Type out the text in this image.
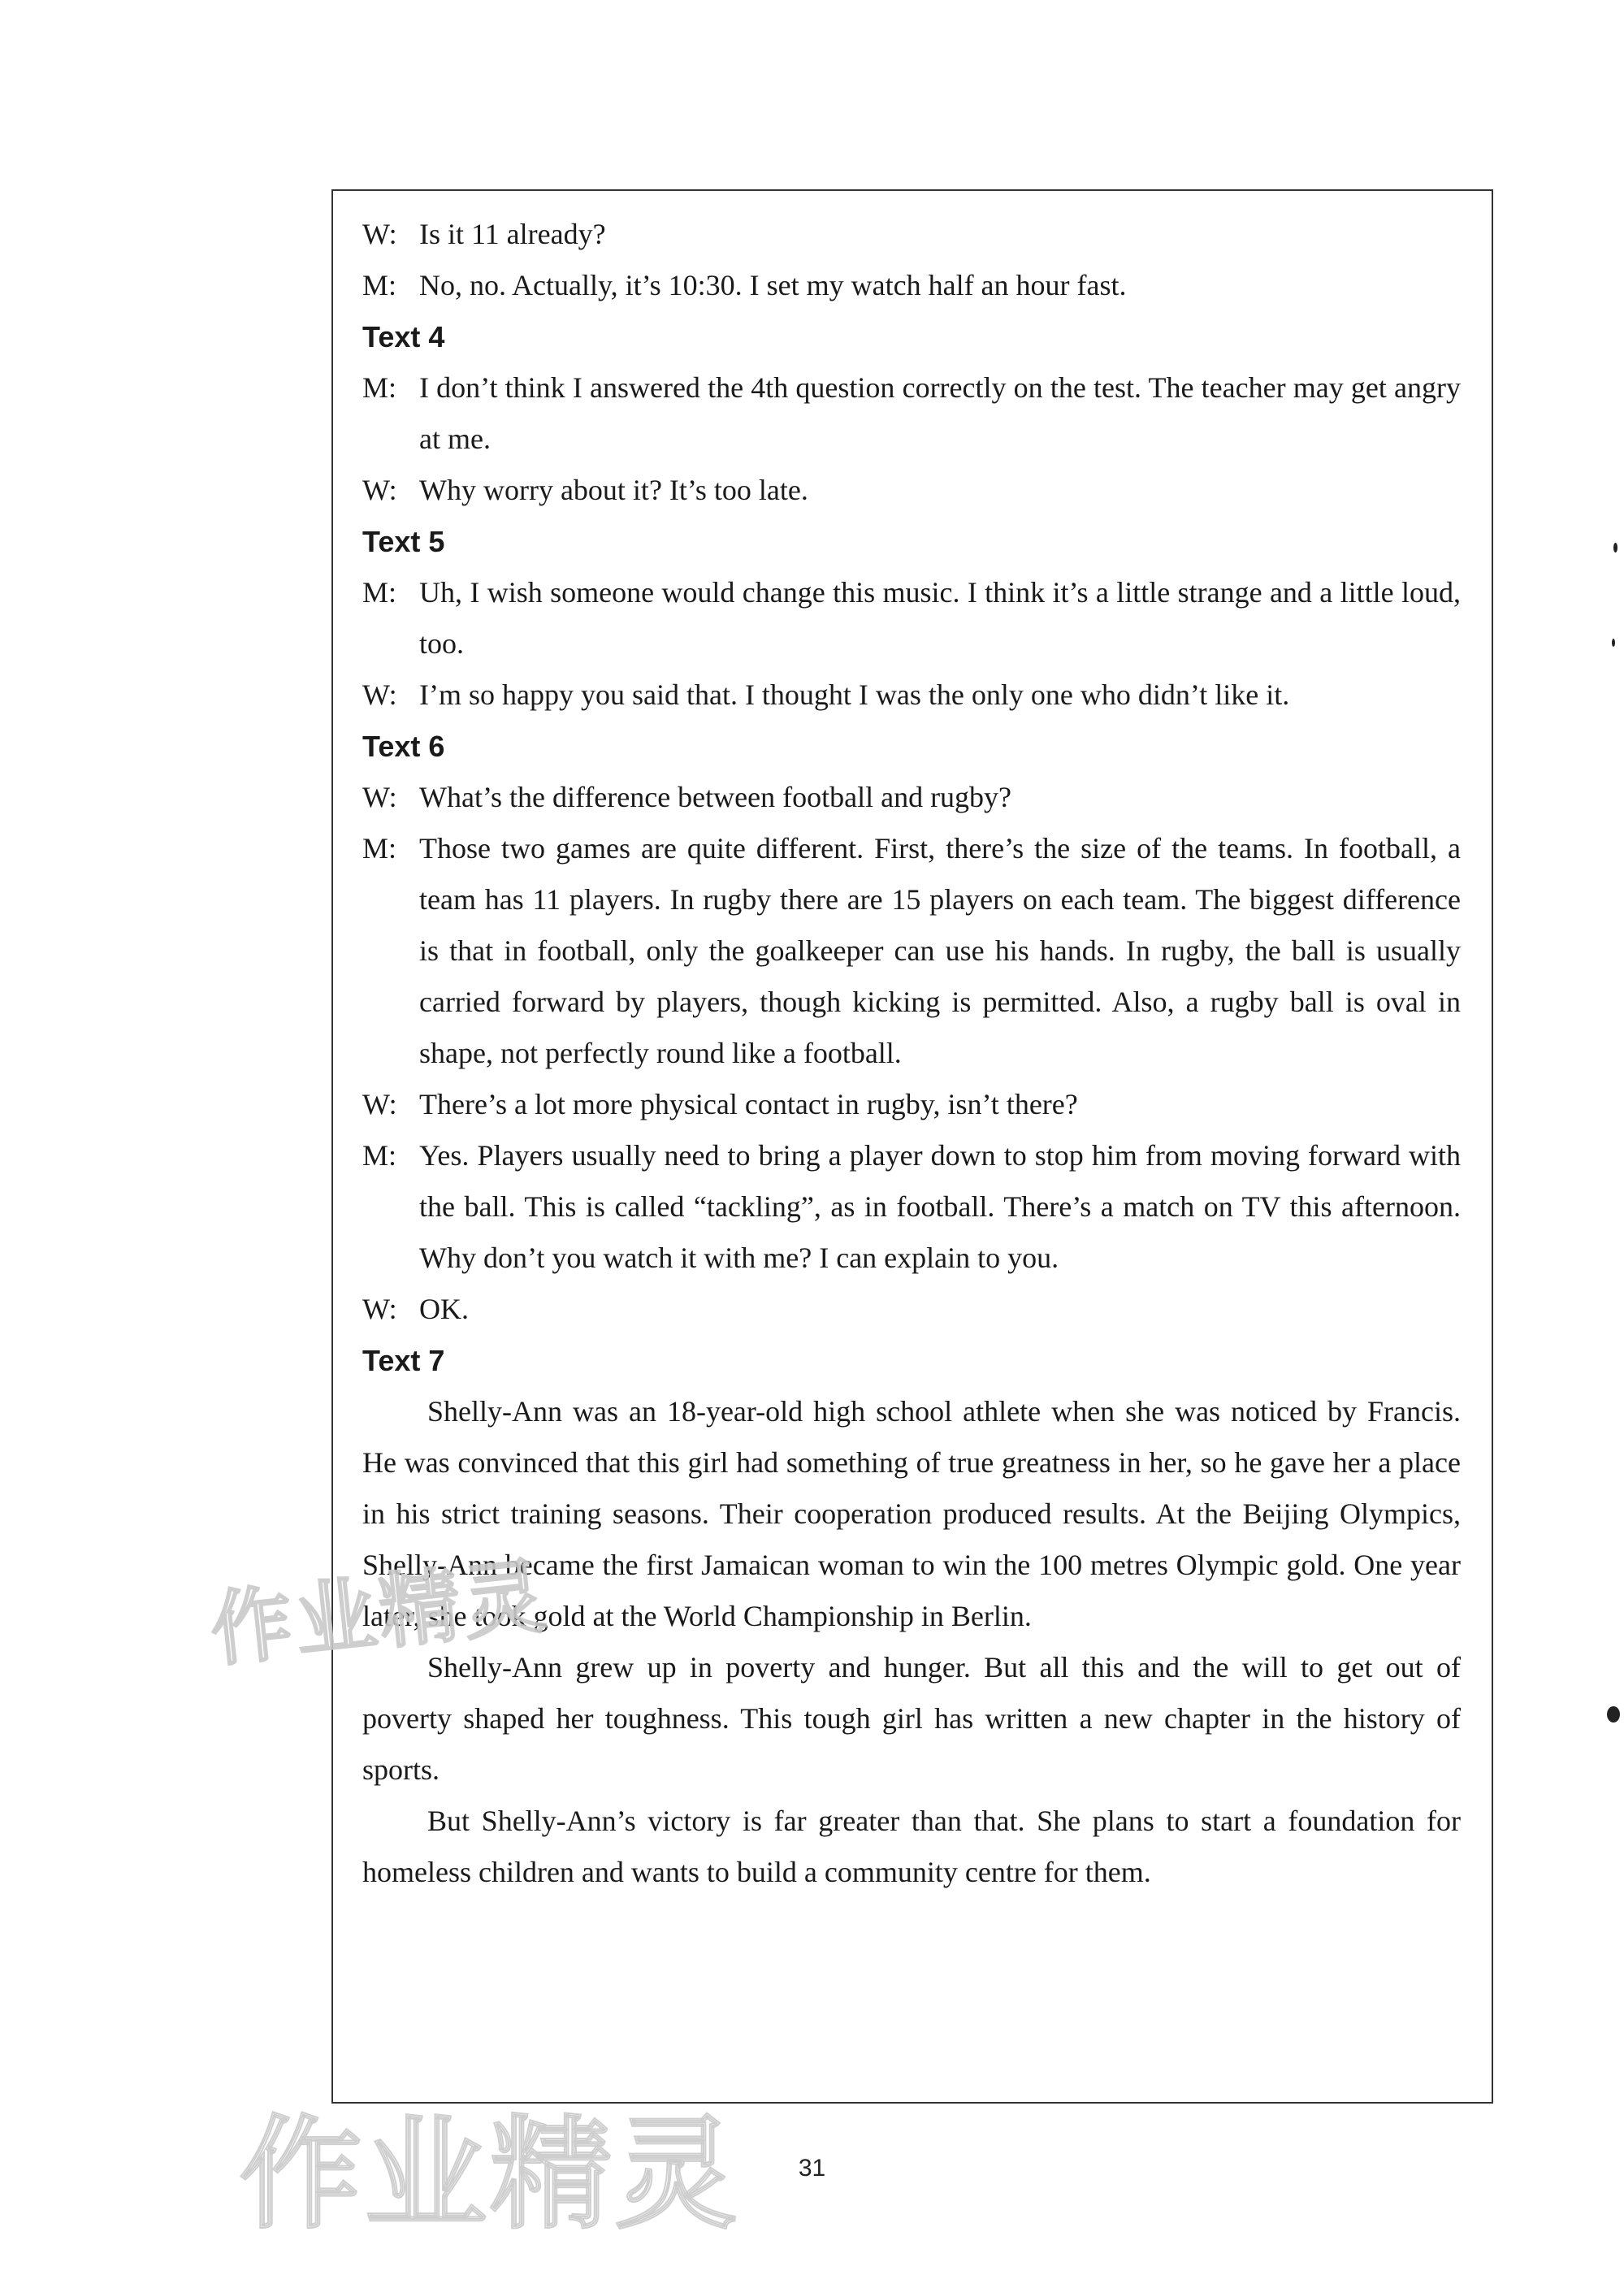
W: Is it 11 already?
M: No, no. Actually, it’s 10:30. I set my watch half an hour fast.
Text 4
M: I don’t think I answered the 4th question correctly on the test. The teacher may get angry at me.
W: Why worry about it? It’s too late.
Text 5
M: Uh, I wish someone would change this music. I think it’s a little strange and a little loud, too.
W: I’m so happy you said that. I thought I was the only one who didn’t like it.
Text 6
W: What’s the difference between football and rugby?
M: Those two games are quite different. First, there’s the size of the teams. In football, a team has 11 players. In rugby there are 15 players on each team. The biggest difference is that in football, only the goalkeeper can use his hands. In rugby, the ball is usually carried forward by players, though kicking is permitted. Also, a rugby ball is oval in shape, not perfectly round like a football.
W: There’s a lot more physical contact in rugby, isn’t there?
M: Yes. Players usually need to bring a player down to stop him from moving forward with the ball. This is called “tackling”, as in football. There’s a match on TV this afternoon. Why don’t you watch it with me? I can explain to you.
W: OK.
Text 7
Shelly-Ann was an 18-year-old high school athlete when she was noticed by Francis. He was convinced that this girl had something of true greatness in her, so he gave her a place in his strict training seasons. Their cooperation produced results. At the Beijing Olympics, Shelly-Ann became the first Jamaican woman to win the 100 metres Olympic gold. One year later, she took gold at the World Championship in Berlin.
Shelly-Ann grew up in poverty and hunger. But all this and the will to get out of poverty shaped her toughness. This tough girl has written a new chapter in the history of sports.
But Shelly-Ann’s victory is far greater than that. She plans to start a foundation for homeless children and wants to build a community centre for them.
作业精灵
作业精灵	31
